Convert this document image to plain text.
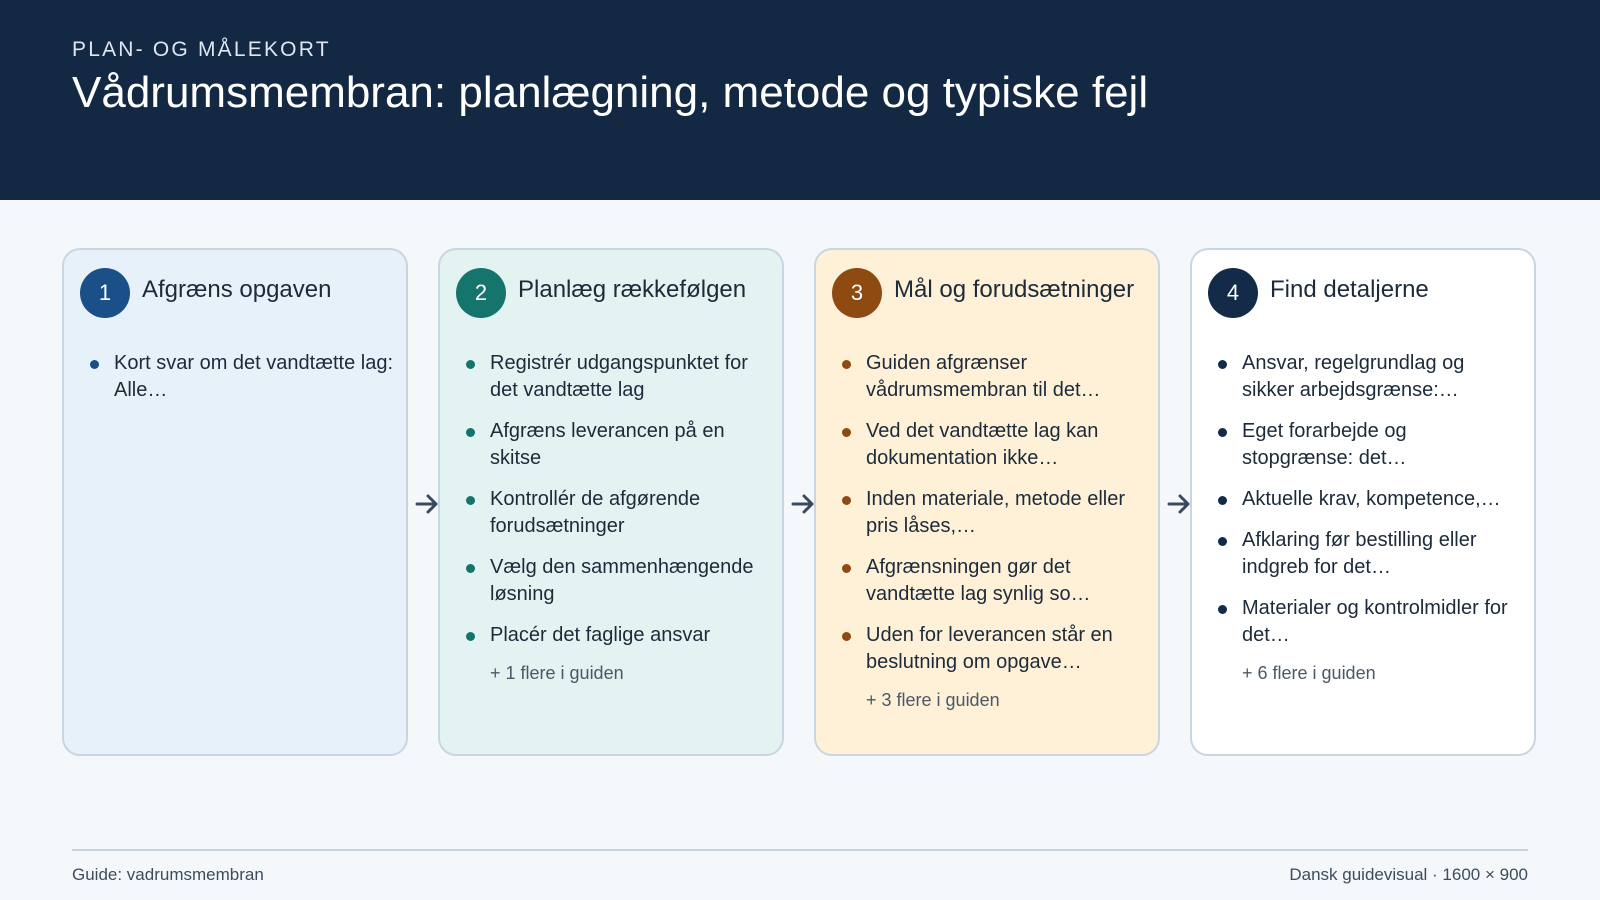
PLAN- OG MÅLEKORT
Vådrumsmembran: planlægning, metode og typiske fejl
1	Afgræns opgaven
Kort svar om det vandtætte lag: Alle…
2	Planlæg rækkefølgen
Registrér udgangspunktet for det vandtætte lag
Afgræns leverancen på en skitse
Kontrollér de afgørende forudsætninger
Vælg den sammenhængende løsning
Placér det faglige ansvar
+ 1 flere i guiden
3	Mål og forudsætninger
Guiden afgrænser vådrumsmembran til det…
Ved det vandtætte lag kan dokumentation ikke…
Inden materiale, metode eller pris låses,…
Afgrænsningen gør det vandtætte lag synlig so…
Uden for leverancen står en beslutning om opgave…
+ 3 flere i guiden
4	Find detaljerne
Ansvar, regelgrundlag og sikker arbejdsgrænse:…
Eget forarbejde og stopgrænse: det…
Aktuelle krav, kompetence,…
Afklaring før bestilling eller indgreb for det…
Materialer og kontrolmidler for det…
+ 6 flere i guiden
Guide: vadrumsmembran	Dansk guidevisual · 1600 × 900
